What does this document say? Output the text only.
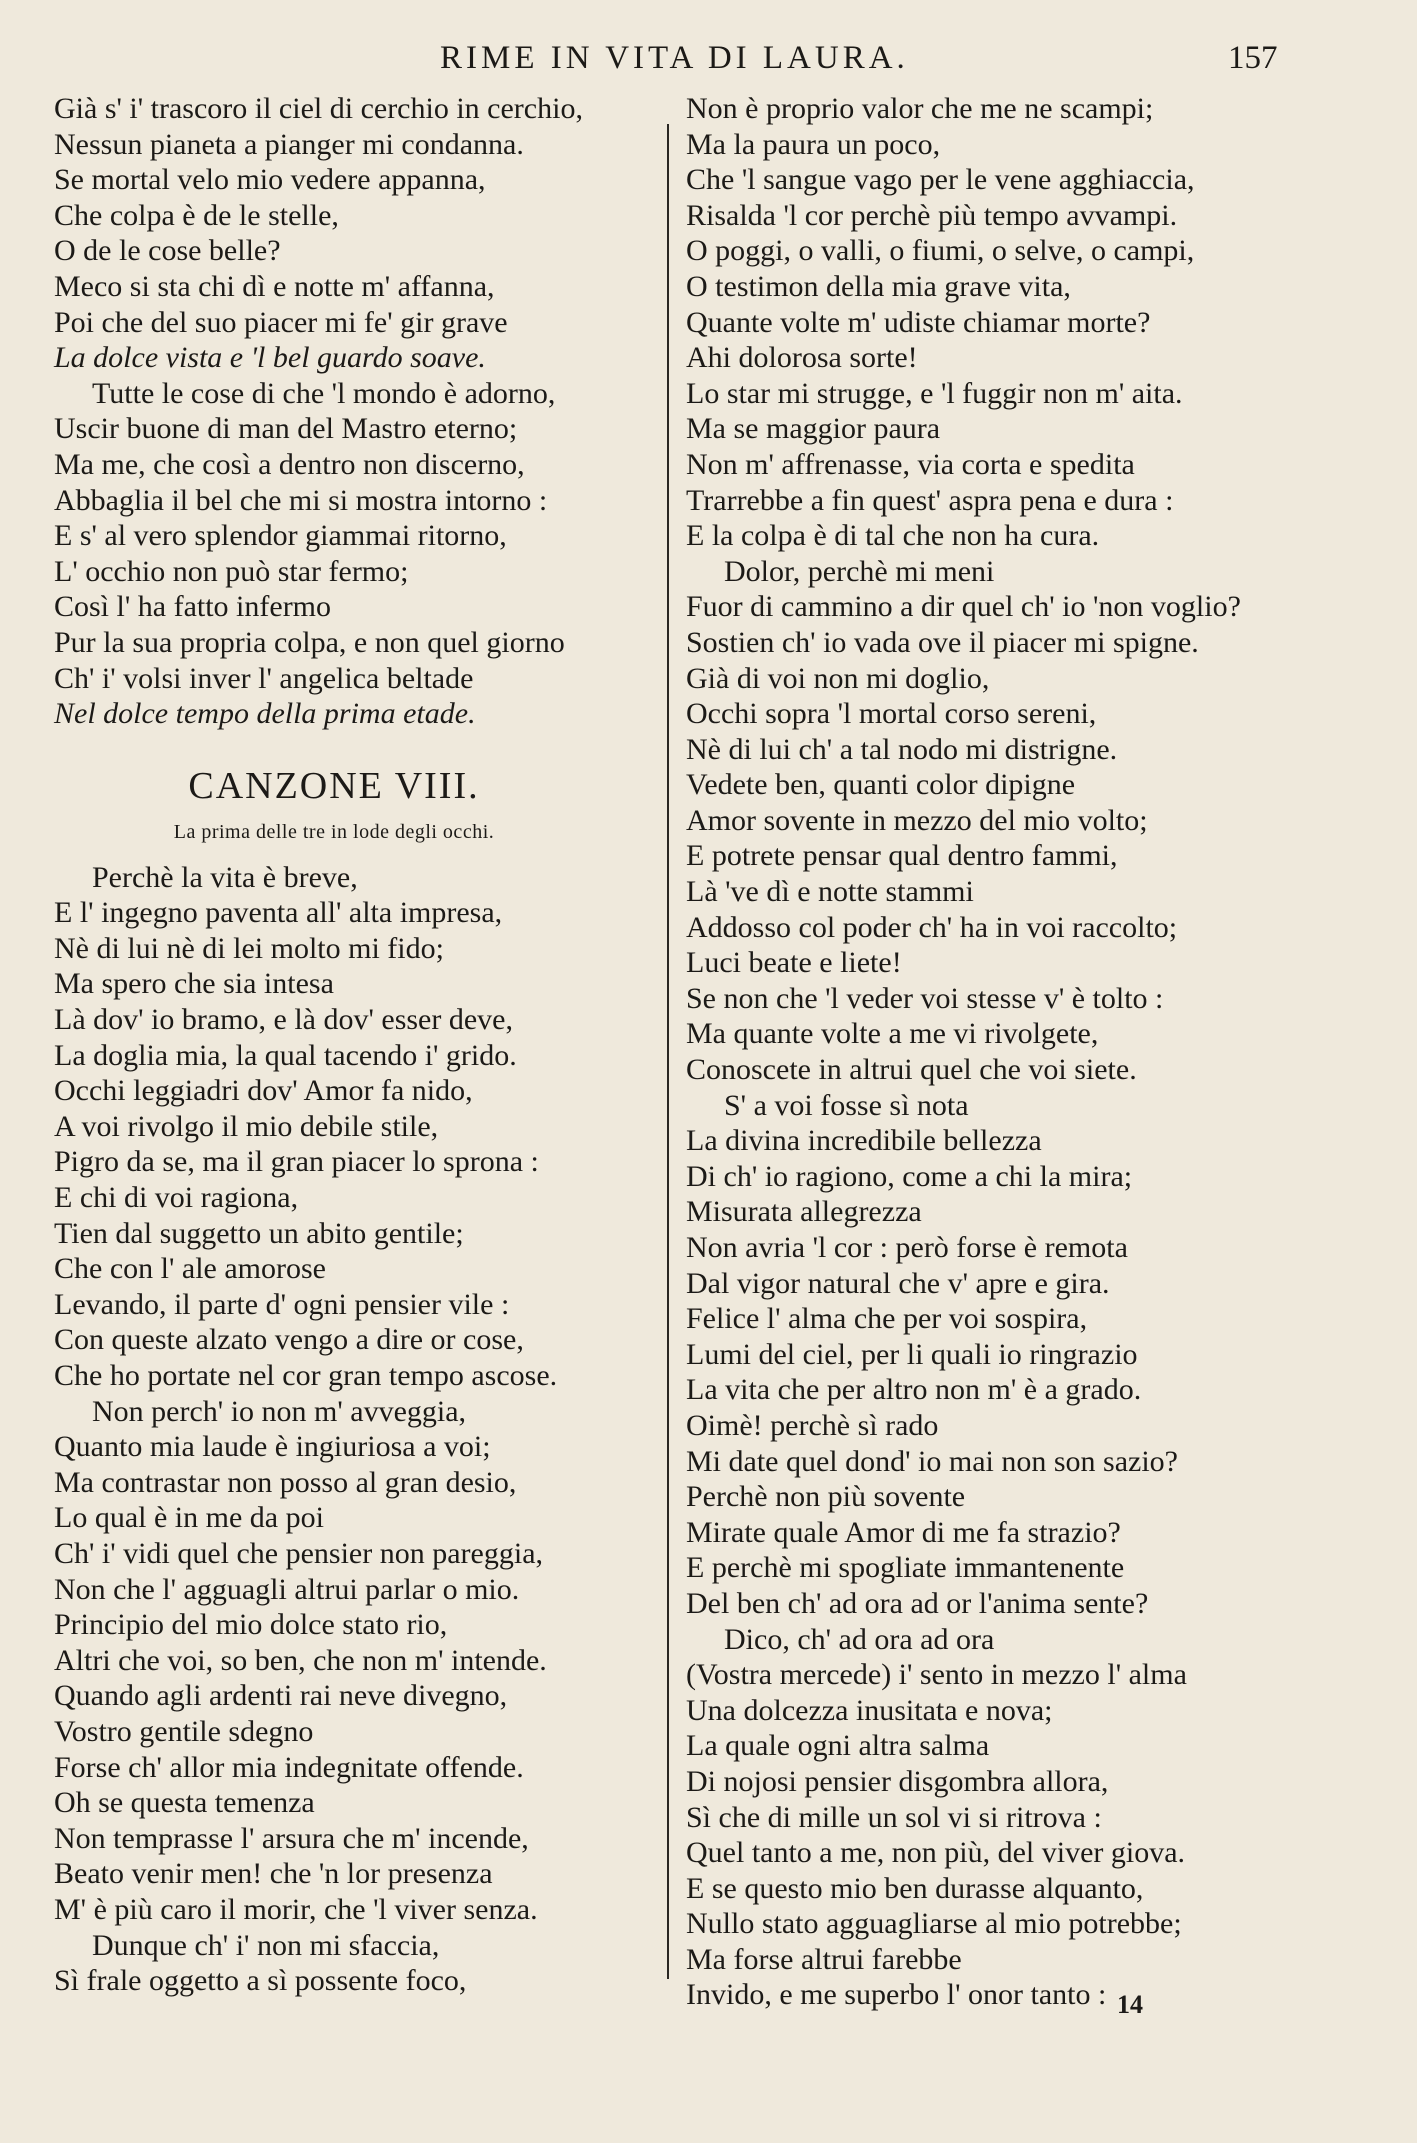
RIME IN VITA DI LAURA.	157
Già s' i' trascoro il ciel di cerchio in cerchio,
Nessun pianeta a pianger mi condanna.
Se mortal velo mio vedere appanna,
Che colpa è de le stelle,
O de le cose belle?
Meco si sta chi dì e notte m' affanna,
Poi che del suo piacer mi fe' gir grave
La dolce vista e 'l bel guardo soave.
Tutte le cose di che 'l mondo è adorno,
Uscir buone di man del Mastro eterno;
Ma me, che così a dentro non discerno,
Abbaglia il bel che mi si mostra intorno :
E s' al vero splendor giammai ritorno,
L' occhio non può star fermo;
Così l' ha fatto infermo
Pur la sua propria colpa, e non quel giorno
Ch' i' volsi inver l' angelica beltade
Nel dolce tempo della prima etade.
CANZONE VIII.
La prima delle tre in lode degli occhi.
Perchè la vita è breve,
E l' ingegno paventa all' alta impresa,
Nè di lui nè di lei molto mi fido;
Ma spero che sia intesa
Là dov' io bramo, e là dov' esser deve,
La doglia mia, la qual tacendo i' grido.
Occhi leggiadri dov' Amor fa nido,
A voi rivolgo il mio debile stile,
Pigro da se, ma il gran piacer lo sprona :
E chi di voi ragiona,
Tien dal suggetto un abito gentile;
Che con l' ale amorose
Levando, il parte d' ogni pensier vile :
Con queste alzato vengo a dire or cose,
Che ho portate nel cor gran tempo ascose.
Non perch' io non m' avveggia,
Quanto mia laude è ingiuriosa a voi;
Ma contrastar non posso al gran desio,
Lo qual è in me da poi
Ch' i' vidi quel che pensier non pareggia,
Non che l' agguagli altrui parlar o mio.
Principio del mio dolce stato rio,
Altri che voi, so ben, che non m' intende.
Quando agli ardenti rai neve divegno,
Vostro gentile sdegno
Forse ch' allor mia indegnitate offende.
Oh se questa temenza
Non temprasse l' arsura che m' incende,
Beato venir men! che 'n lor presenza
M' è più caro il morir, che 'l viver senza.
Dunque ch' i' non mi sfaccia,
Sì frale oggetto a sì possente foco,
Non è proprio valor che me ne scampi;
Ma la paura un poco,
Che 'l sangue vago per le vene agghiaccia,
Risalda 'l cor perchè più tempo avvampi.
O poggi, o valli, o fiumi, o selve, o campi,
O testimon della mia grave vita,
Quante volte m' udiste chiamar morte?
Ahi dolorosa sorte!
Lo star mi strugge, e 'l fuggir non m' aita.
Ma se maggior paura
Non m' affrenasse, via corta e spedita
Trarrebbe a fin quest' aspra pena e dura :
E la colpa è di tal che non ha cura.
Dolor, perchè mi meni
Fuor di cammino a dir quel ch' io 'non voglio?
Sostien ch' io vada ove il piacer mi spigne.
Già di voi non mi doglio,
Occhi sopra 'l mortal corso sereni,
Nè di lui ch' a tal nodo mi distrigne.
Vedete ben, quanti color dipigne
Amor sovente in mezzo del mio volto;
E potrete pensar qual dentro fammi,
Là 've dì e notte stammi
Addosso col poder ch' ha in voi raccolto;
Luci beate e liete!
Se non che 'l veder voi stesse v' è tolto :
Ma quante volte a me vi rivolgete,
Conoscete in altrui quel che voi siete.
S' a voi fosse sì nota
La divina incredibile bellezza
Di ch' io ragiono, come a chi la mira;
Misurata allegrezza
Non avria 'l cor : però forse è remota
Dal vigor natural che v' apre e gira.
Felice l' alma che per voi sospira,
Lumi del ciel, per li quali io ringrazio
La vita che per altro non m' è a grado.
Oimè! perchè sì rado
Mi date quel dond' io mai non son sazio?
Perchè non più sovente
Mirate quale Amor di me fa strazio?
E perchè mi spogliate immantenente
Del ben ch' ad ora ad or l'anima sente?
Dico, ch' ad ora ad ora
(Vostra mercede) i' sento in mezzo l' alma
Una dolcezza inusitata e nova;
La quale ogni altra salma
Di nojosi pensier disgombra allora,
Sì che di mille un sol vi si ritrova :
Quel tanto a me, non più, del viver giova.
E se questo mio ben durasse alquanto,
Nullo stato agguagliarse al mio potrebbe;
Ma forse altrui farebbe
Invido, e me superbo l' onor tanto : 14
